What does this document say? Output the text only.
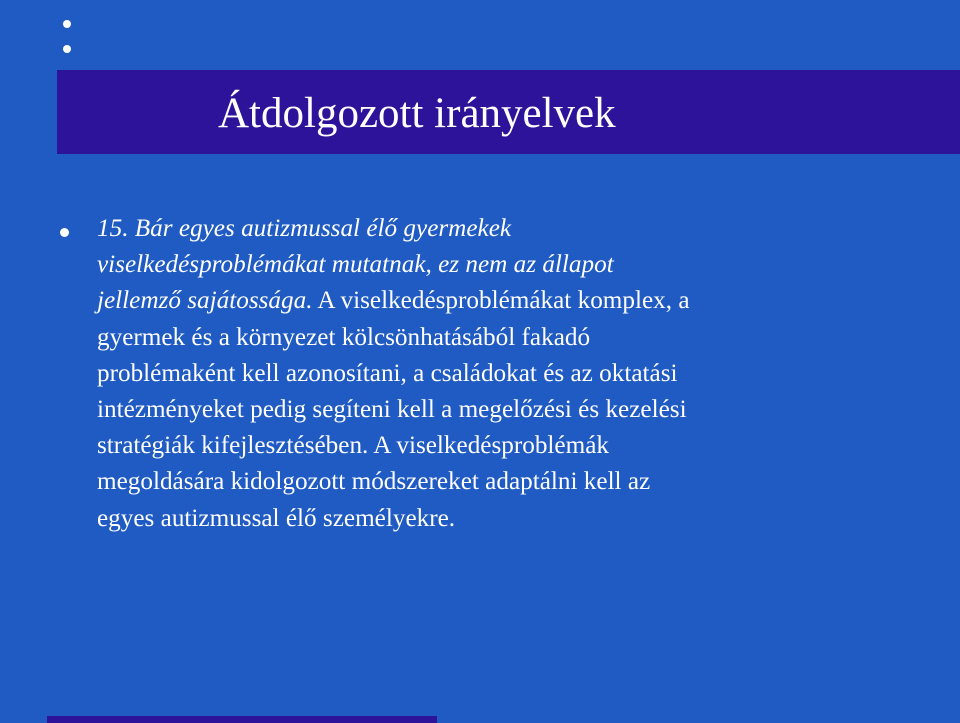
Átdolgozott irányelvek

15. Bár egyes autizmussal élő gyermekek
viselkedésproblémákat mutatnak, ez nem az állapot
jellemző sajátossága. A viselkedésproblémákat komplex, a
gyermek és a környezet kölcsönhatásából fakadó
problémaként kell azonosítani, a családokat és az oktatási
intézményeket pedig segíteni kell a megelőzési és kezelési
stratégiák kifejlesztésében. A viselkedésproblémák
megoldására kidolgozott módszereket adaptálni kell az
egyes autizmussal élő személyekre.
